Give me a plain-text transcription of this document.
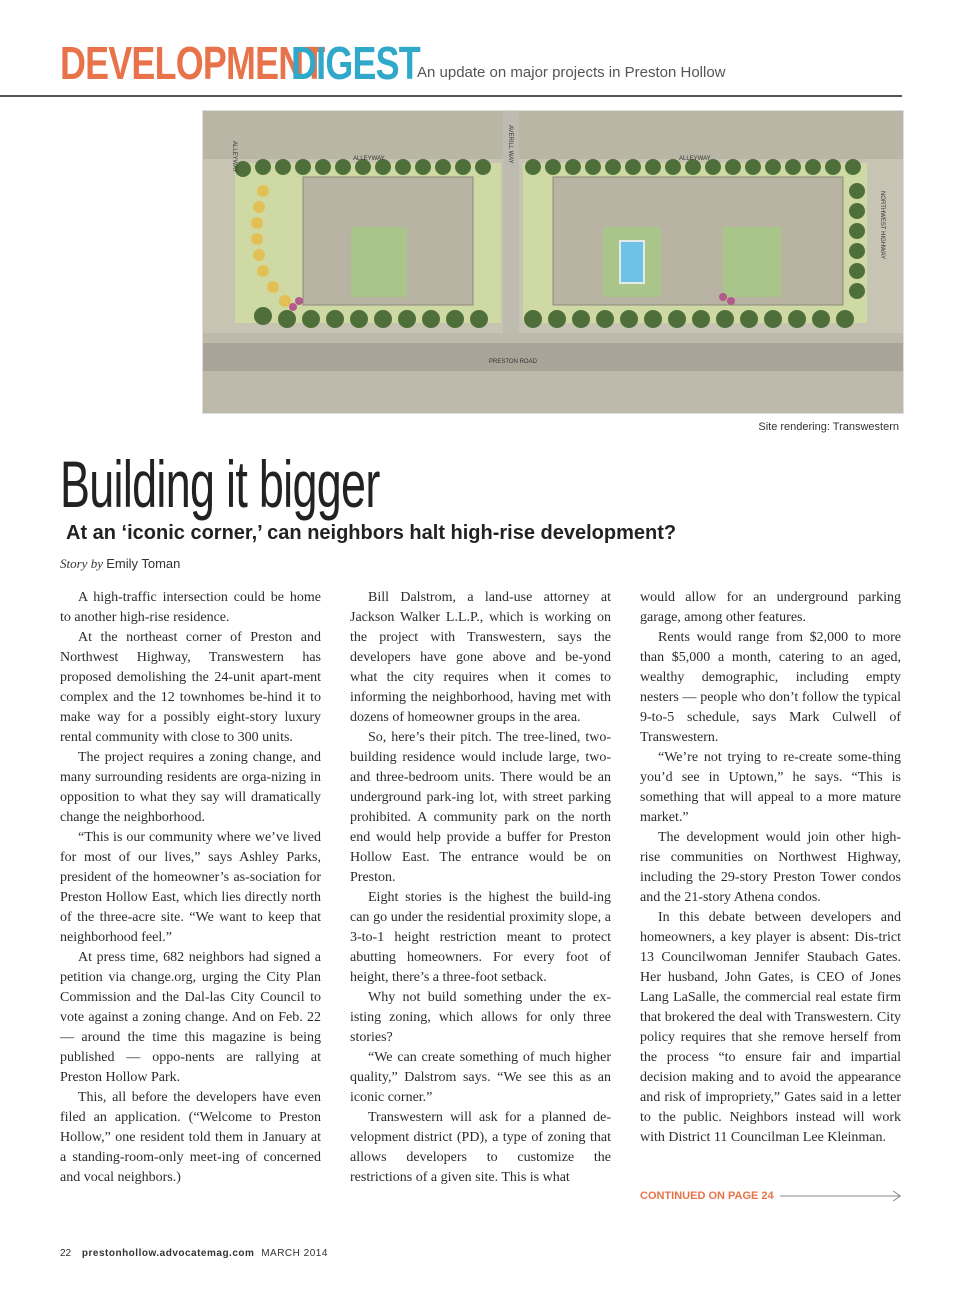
DEVELOPMENT
DIGEST
An update on major projects in Preston Hollow
ALLEYWAY	ALLEYWAY	AVERILL WAY	ALLEYWAY
NORTHWEST HIGHWAY
PRESTON ROAD
Site rendering: Transwestern
Building it bigger
At an ‘iconic corner,’ can neighbors halt high-rise development?
Story by Emily Toman

A high-traffic intersection could be home to another high-rise residence.

At the northeast corner of Preston and Northwest Highway, Transwestern has proposed demolishing the 24-unit apart-ment complex and the 12 townhomes be-hind it to make way for a possibly eight-story luxury rental community with close to 300 units.

The project requires a zoning change, and many surrounding residents are orga-nizing in opposition to what they say will dramatically change the neighborhood.

“This is our community where we’ve lived for most of our lives,” says Ashley Parks, president of the homeowner’s as-sociation for Preston Hollow East, which lies directly north of the three-acre site. “We want to keep that neighborhood feel.”

At press time, 682 neighbors had signed a petition via change.org, urging the City Plan Commission and the Dal-las City Council to vote against a zoning change. And on Feb. 22 — around the time this magazine is being published — oppo-nents are rallying at Preston Hollow Park.

This, all before the developers have even filed an application. (“Welcome to Preston Hollow,” one resident told them in January at a standing-room-only meet-ing of concerned and vocal neighbors.)

Bill Dalstrom, a land-use attorney at Jackson Walker L.L.P., which is working on the project with Transwestern, says the developers have gone above and be-yond what the city requires when it comes to informing the neighborhood, having met with dozens of homeowner groups in the area.

So, here’s their pitch. The tree-lined, two-building residence would include large, two- and three-bedroom units. There would be an underground park-ing lot, with street parking prohibited. A community park on the north end would help provide a buffer for Preston Hollow East. The entrance would be on Preston.

Eight stories is the highest the build-ing can go under the residential proximity slope, a 3-to-1 height restriction meant to protect abutting homeowners. For every foot of height, there’s a three-foot setback.

Why not build something under the ex-isting zoning, which allows for only three stories?

“We can create something of much higher quality,” Dalstrom says. “We see this as an iconic corner.”

Transwestern will ask for a planned de-velopment district (PD), a type of zoning that allows developers to customize the restrictions of a given site. This is what

would allow for an underground parking garage, among other features.

Rents would range from $2,000 to more than $5,000 a month, catering to an aged, wealthy demographic, including empty nesters — people who don’t follow the typical 9-to-5 schedule, says Mark Culwell of Transwestern.

“We’re not trying to re-create some-thing you’d see in Uptown,” he says. “This is something that will appeal to a more mature market.”

The development would join other high-rise communities on Northwest Highway, including the 29-story Preston Tower condos and the 21-story Athena condos.

In this debate between developers and homeowners, a key player is absent: Dis-trict 13 Councilwoman Jennifer Staubach Gates. Her husband, John Gates, is CEO of Jones Lang LaSalle, the commercial real estate firm that brokered the deal with Transwestern. City policy requires that she remove herself from the process “to ensure fair and impartial decision making and to avoid the appearance and risk of impropriety,” Gates said in a letter to the public. Neighbors instead will work with District 11 Councilman Lee Kleinman.

CONTINUED ON PAGE 24
22 prestonhollow.advocatemag.com MARCH 2014
